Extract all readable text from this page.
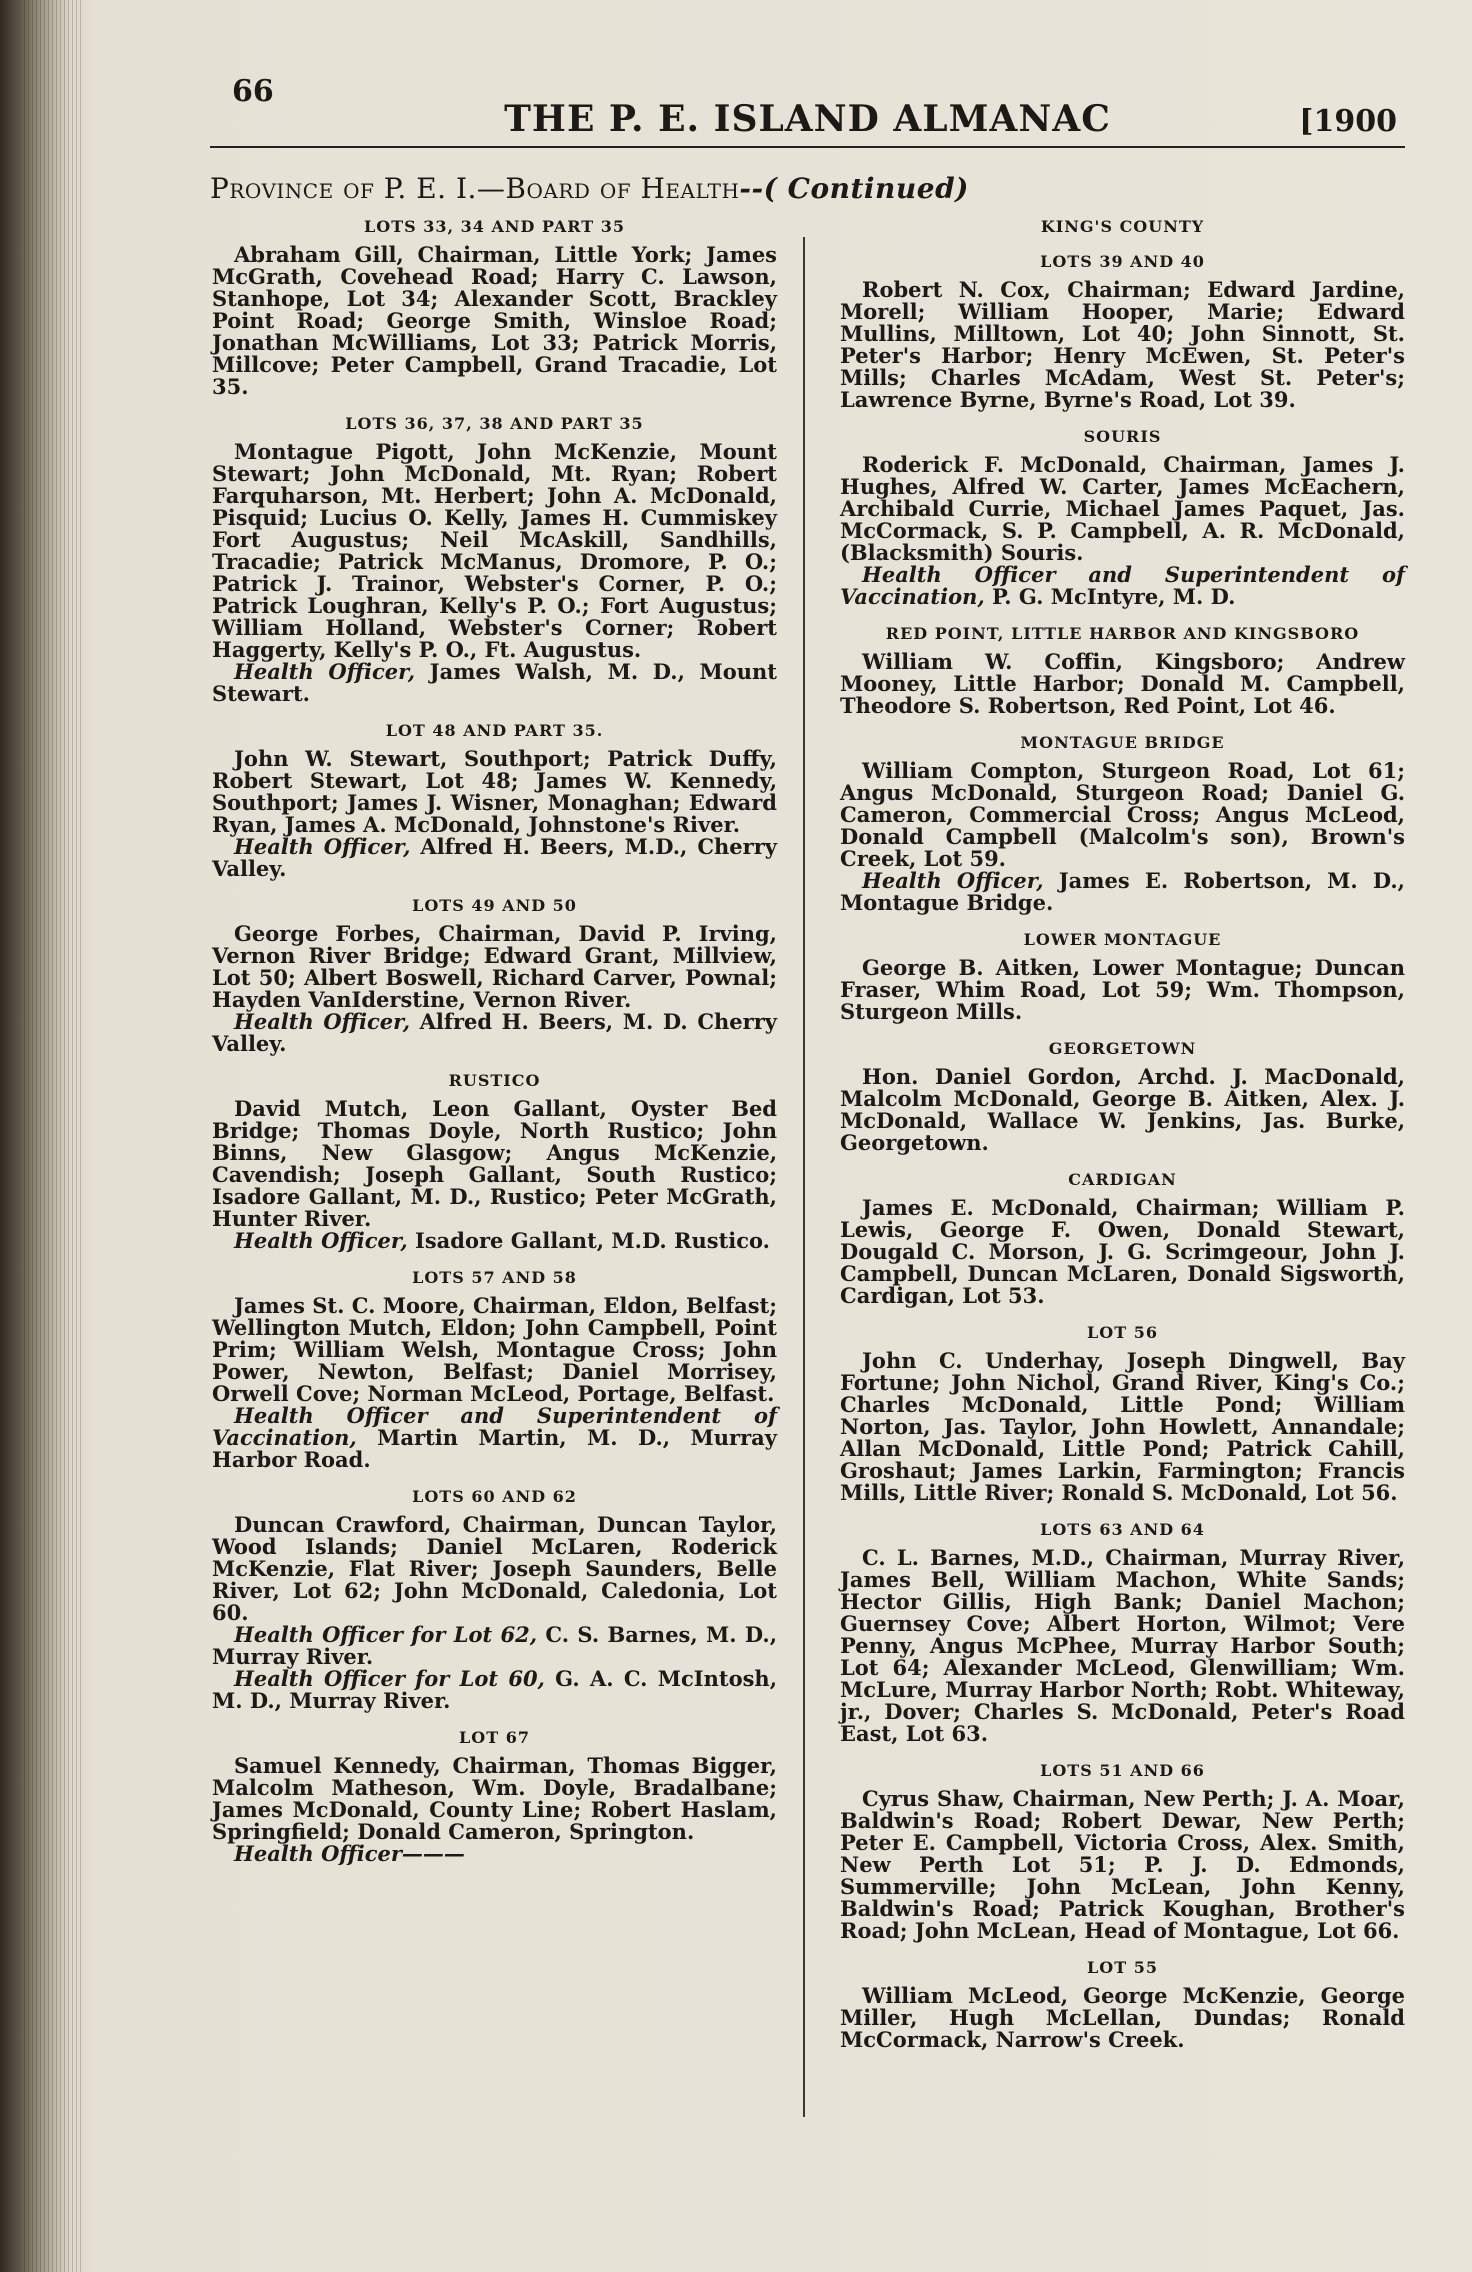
66
THE P. E. ISLAND ALMANAC	[1900
Province of P. E. I.—Board of Health--( Continued)
LOTS 33, 34 AND PART 35

Abraham Gill, Chairman, Little York; James McGrath, Covehead Road; Harry C. Lawson, Stanhope, Lot 34; Alexander Scott, Brackley Point Road; George Smith, Winsloe Road; Jonathan McWilliams, Lot 33; Patrick Morris, Millcove; Peter Campbell, Grand Tracadie, Lot 35.

LOTS 36, 37, 38 AND PART 35

Montague Pigott, John McKenzie, Mount Stewart; John McDonald, Mt. Ryan; Robert Farquharson, Mt. Herbert; John A. McDonald, Pisquid; Lucius O. Kelly, James H. Cummiskey Fort Augustus; Neil McAskill, Sandhills, Tracadie; Patrick McManus, Dromore, P. O.; Patrick J. Trainor, Webster's Corner, P. O.; Patrick Loughran, Kelly's P. O.; Fort Augustus; William Holland, Webster's Corner; Robert Haggerty, Kelly's P. O., Ft. Augustus.

Health Officer, James Walsh, M. D., Mount Stewart.

LOT 48 AND PART 35.

John W. Stewart, Southport; Patrick Duffy, Robert Stewart, Lot 48; James W. Kennedy, Southport; James J. Wisner, Monaghan; Edward Ryan, James A. McDonald, Johnstone's River.

Health Officer, Alfred H. Beers, M.D., Cherry Valley.

LOTS 49 AND 50

George Forbes, Chairman, David P. Irving, Vernon River Bridge; Edward Grant, Millview, Lot 50; Albert Boswell, Richard Carver, Pownal; Hayden VanIderstine, Vernon River.

Health Officer, Alfred H. Beers, M. D. Cherry Valley.

RUSTICO

David Mutch, Leon Gallant, Oyster Bed Bridge; Thomas Doyle, North Rustico; John Binns, New Glasgow; Angus McKenzie, Cavendish; Joseph Gallant, South Rustico; Isadore Gallant, M. D., Rustico; Peter McGrath, Hunter River.

Health Officer, Isadore Gallant, M.D. Rustico.

LOTS 57 AND 58

James St. C. Moore, Chairman, Eldon, Belfast; Wellington Mutch, Eldon; John Campbell, Point Prim; William Welsh, Montague Cross; John Power, Newton, Belfast; Daniel Morrisey, Orwell Cove; Norman McLeod, Portage, Belfast.

Health Officer and Superintendent of Vaccination, Martin Martin, M. D., Murray Harbor Road.

LOTS 60 AND 62

Duncan Crawford, Chairman, Duncan Taylor, Wood Islands; Daniel McLaren, Roderick McKenzie, Flat River; Joseph Saunders, Belle River, Lot 62; John McDonald, Caledonia, Lot 60.

Health Officer for Lot 62, C. S. Barnes, M. D., Murray River.

Health Officer for Lot 60, G. A. C. McIntosh, M. D., Murray River.

LOT 67

Samuel Kennedy, Chairman, Thomas Bigger, Malcolm Matheson, Wm. Doyle, Bradalbane; James McDonald, County Line; Robert Haslam, Springfield; Donald Cameron, Springton.

Health Officer———

KING'S COUNTY
LOTS 39 AND 40

Robert N. Cox, Chairman; Edward Jardine, Morell; William Hooper, Marie; Edward Mullins, Milltown, Lot 40; John Sinnott, St. Peter's Harbor; Henry McEwen, St. Peter's Mills; Charles McAdam, West St. Peter's; Lawrence Byrne, Byrne's Road, Lot 39.

SOURIS

Roderick F. McDonald, Chairman, James J. Hughes, Alfred W. Carter, James McEachern, Archibald Currie, Michael James Paquet, Jas. McCormack, S. P. Campbell, A. R. McDonald, (Blacksmith) Souris.

Health Officer and Superintendent of Vaccination, P. G. McIntyre, M. D.

RED POINT, LITTLE HARBOR AND KINGSBORO

William W. Coffin, Kingsboro; Andrew Mooney, Little Harbor; Donald M. Campbell, Theodore S. Robertson, Red Point, Lot 46.

MONTAGUE BRIDGE

William Compton, Sturgeon Road, Lot 61; Angus McDonald, Sturgeon Road; Daniel G. Cameron, Commercial Cross; Angus McLeod, Donald Campbell (Malcolm's son), Brown's Creek, Lot 59.

Health Officer, James E. Robertson, M. D., Montague Bridge.

LOWER MONTAGUE

George B. Aitken, Lower Montague; Duncan Fraser, Whim Road, Lot 59; Wm. Thompson, Sturgeon Mills.

GEORGETOWN

Hon. Daniel Gordon, Archd. J. MacDonald, Malcolm McDonald, George B. Aitken, Alex. J. McDonald, Wallace W. Jenkins, Jas. Burke, Georgetown.

CARDIGAN

James E. McDonald, Chairman; William P. Lewis, George F. Owen, Donald Stewart, Dougald C. Morson, J. G. Scrimgeour, John J. Campbell, Duncan McLaren, Donald Sigsworth, Cardigan, Lot 53.

LOT 56

John C. Underhay, Joseph Dingwell, Bay Fortune; John Nichol, Grand River, King's Co.; Charles McDonald, Little Pond; William Norton, Jas. Taylor, John Howlett, Annandale; Allan McDonald, Little Pond; Patrick Cahill, Groshaut; James Larkin, Farmington; Francis Mills, Little River; Ronald S. McDonald, Lot 56.

LOTS 63 AND 64

C. L. Barnes, M.D., Chairman, Murray River, James Bell, William Machon, White Sands; Hector Gillis, High Bank; Daniel Machon; Guernsey Cove; Albert Horton, Wilmot; Vere Penny, Angus McPhee, Murray Harbor South; Lot 64; Alexander McLeod, Glenwilliam; Wm. McLure, Murray Harbor North; Robt. Whiteway, jr., Dover; Charles S. McDonald, Peter's Road East, Lot 63.

LOTS 51 AND 66

Cyrus Shaw, Chairman, New Perth; J. A. Moar, Baldwin's Road; Robert Dewar, New Perth; Peter E. Campbell, Victoria Cross, Alex. Smith, New Perth Lot 51; P. J. D. Edmonds, Summerville; John McLean, John Kenny, Baldwin's Road; Patrick Koughan, Brother's Road; John McLean, Head of Montague, Lot 66.

LOT 55

William McLeod, George McKenzie, George Miller, Hugh McLellan, Dundas; Ronald McCormack, Narrow's Creek.
